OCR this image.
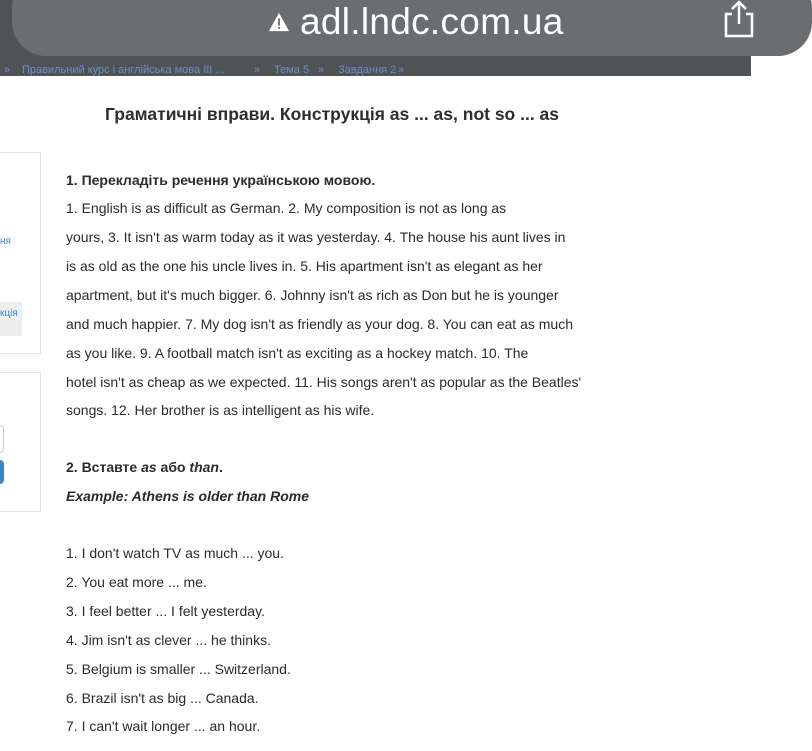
adl.lndc.com.ua
Граматичні вправи. Конструкція as ... as, not so ... as
ня
кція
1. Перекладіть речення українською мовою.
1. English is as difficult as German. 2. My composition is not as long as
yours, 3. It isn't as warm today as it was yesterday. 4. The house his aunt lives in
is as old as the one his uncle lives in. 5. His apartment isn't as elegant as her
apartment, but it's much bigger. 6. Johnny isn't as rich as Don but he is younger
and much happier. 7. My dog isn't as friendly as your dog. 8. You can eat as much
as you like. 9. A football match isn't as exciting as a hockey match. 10. The
hotel isn't as cheap as we expected. 11. His songs aren't as popular as the Beatles'
songs. 12. Her brother is as intelligent as his wife.
2. Вставте as або than.
Example: Athens is older than Rome
1. I don't watch TV as much ... you.
2. You eat more ... me.
3. I feel better ... I felt yesterday.
4. Jim isn't as clever ... he thinks.
5. Belgium is smaller ... Switzerland.
6. Brazil isn't as big ... Canada.
7. I can't wait longer ... an hour.
